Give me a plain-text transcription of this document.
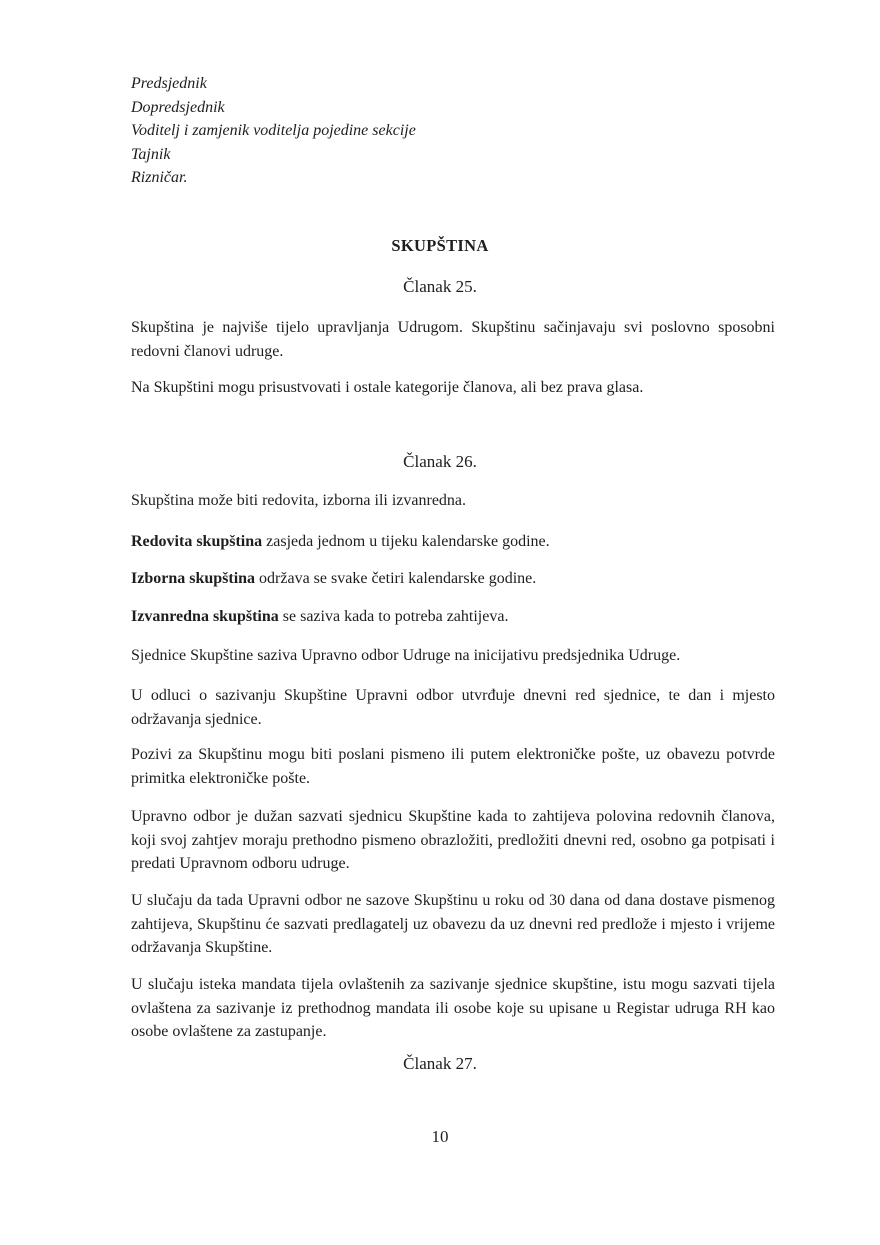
Predsjednik
Dopredsjednik
Voditelj i zamjenik voditelja pojedine sekcije
Tajnik
Rizničar.
SKUPŠTINA
Članak 25.
Skupština je najviše tijelo upravljanja Udrugom. Skupštinu sačinjavaju svi poslovno sposobni redovni članovi udruge.
Na Skupštini mogu prisustvovati i ostale kategorije članova, ali bez prava glasa.
Članak 26.
Skupština može biti redovita, izborna ili izvanredna.
Redovita skupština zasjeda jednom u tijeku kalendarske godine.
Izborna skupština održava se svake četiri kalendarske godine.
Izvanredna skupština se saziva kada to potreba zahtijeva.
Sjednice Skupštine saziva Upravno odbor Udruge na inicijativu predsjednika Udruge.
U odluci o sazivanju Skupštine Upravni odbor utvrđuje dnevni red sjednice, te dan i mjesto održavanja sjednice.
Pozivi za Skupštinu mogu biti poslani pismeno ili putem elektroničke pošte, uz obavezu potvrde primitka elektroničke pošte.
Upravno odbor je dužan sazvati sjednicu Skupštine kada to zahtijeva polovina redovnih članova, koji svoj zahtjev moraju prethodno pismeno obrazložiti, predložiti dnevni red, osobno ga potpisati i predati Upravnom odboru udruge.
U slučaju da tada Upravni odbor ne sazove Skupštinu u roku od 30 dana od dana dostave pismenog zahtijeva, Skupštinu će sazvati predlagatelj uz obavezu da uz dnevni red predlože i mjesto i vrijeme održavanja Skupštine.
U slučaju isteka mandata tijela ovlaštenih za sazivanje sjednice skupštine, istu mogu sazvati tijela ovlaštena za sazivanje iz prethodnog mandata ili osobe koje su upisane u Registar udruga RH kao osobe ovlaštene za zastupanje.
Članak 27.
10
